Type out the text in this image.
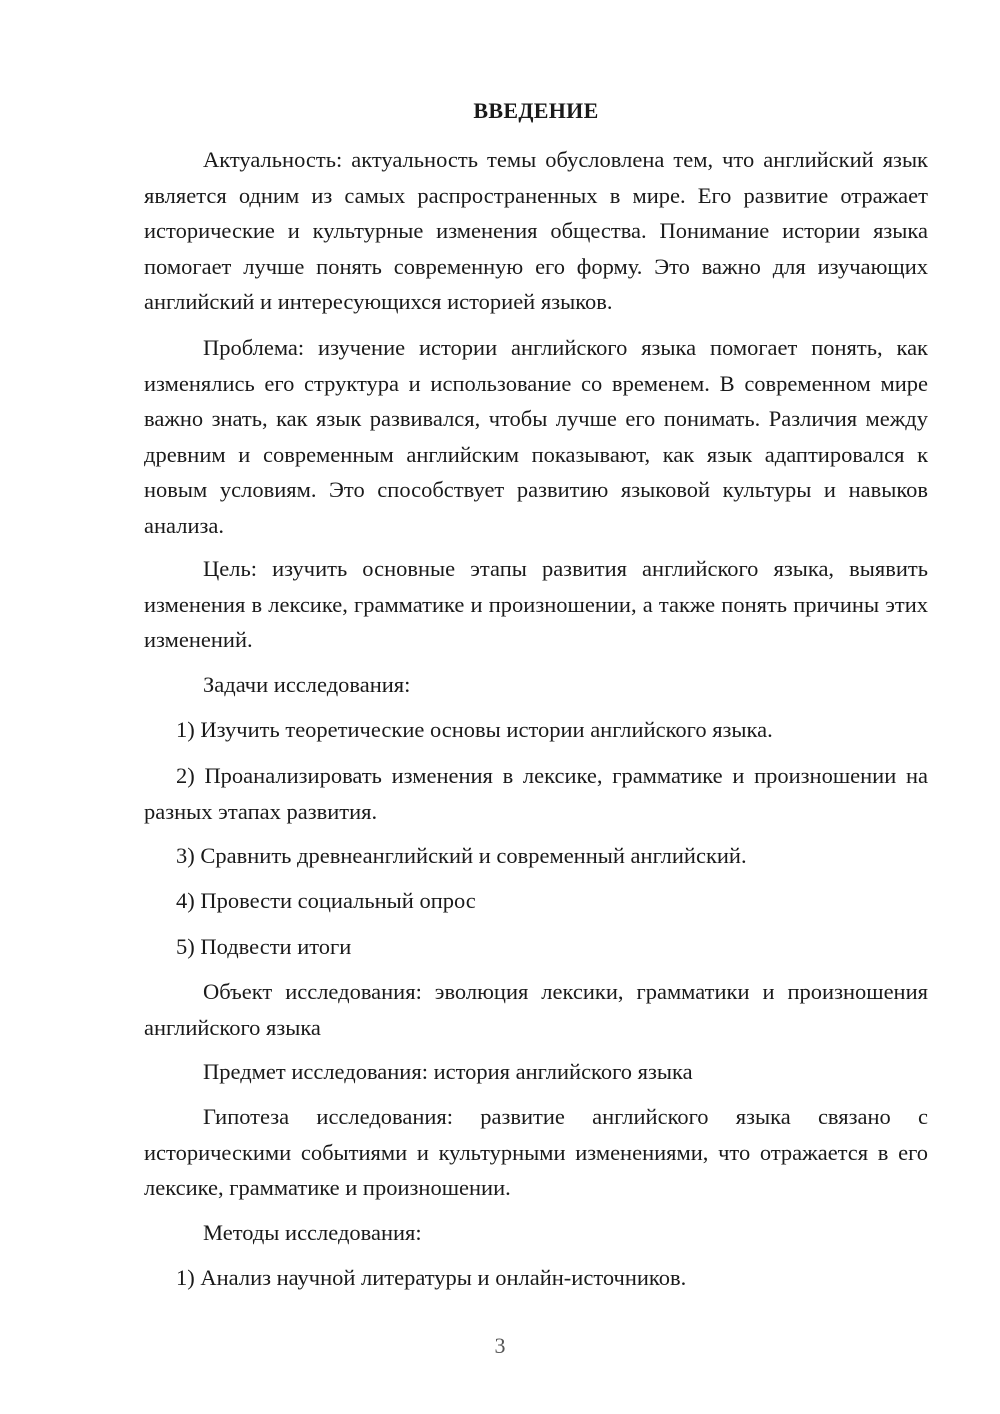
ВВЕДЕНИЕ

Актуальность: актуальность темы обусловлена тем, что английский язык является одним из самых распространенных в мире. Его развитие отражает исторические и культурные изменения общества. Понимание истории языка помогает лучше понять современную его форму. Это важно для изучающих английский и интересующихся историей языков.

Проблема: изучение истории английского языка помогает понять, как изменялись его структура и использование со временем. В современном мире важно знать, как язык развивался, чтобы лучше его понимать. Различия между древним и современным английским показывают, как язык адаптировался к новым условиям. Это способствует развитию языковой культуры и навыков анализа.

Цель: изучить основные этапы развития английского языка, выявить изменения в лексике, грамматике и произношении, а также понять причины этих изменений.

Задачи исследования:

1) Изучить теоретические основы истории английского языка.

2) Проанализировать изменения в лексике, грамматике и произношении на разных этапах развития.

3) Сравнить древнеанглийский и современный английский.

4) Провести социальный опрос

5) Подвести итоги

Объект исследования: эволюция лексики, грамматики и произношения английского языка

Предмет исследования: история английского языка

Гипотеза исследования: развитие английского языка связано с историческими событиями и культурными изменениями, что отражается в его лексике, грамматике и произношении.

Методы исследования:

1) Анализ научной литературы и онлайн-источников.

3
